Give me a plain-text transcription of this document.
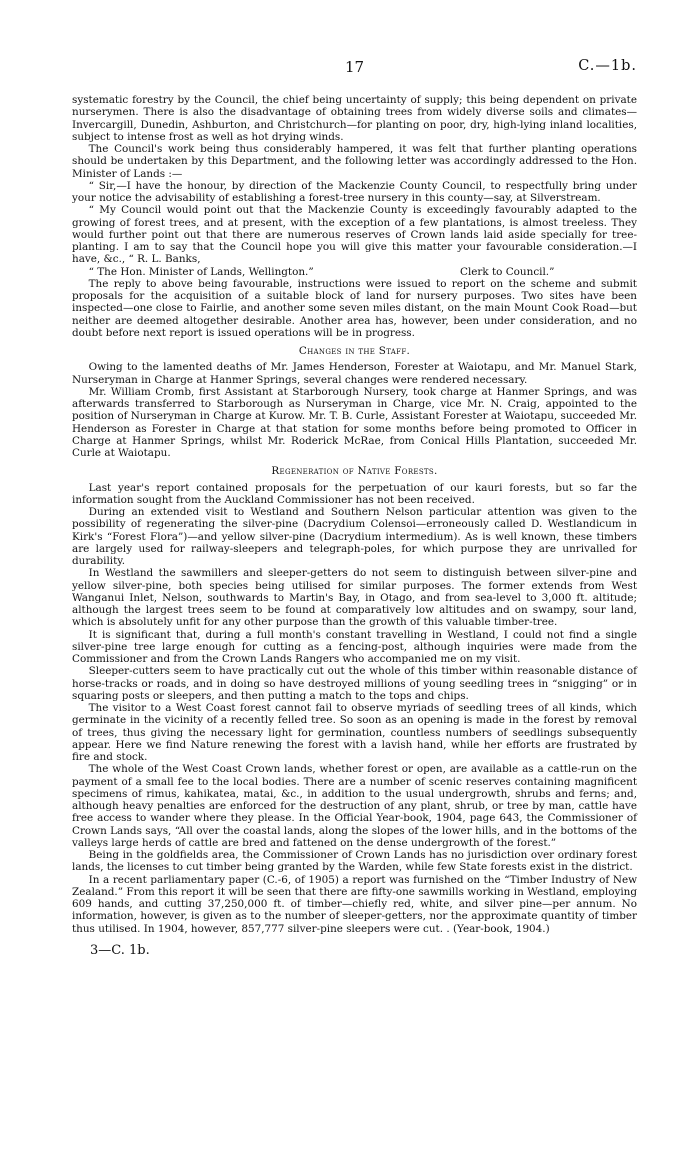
17	C.—1b.

systematic forestry by the Council, the chief being uncertainty of supply; this being dependent on private nurserymen. There is also the disadvantage of obtaining trees from widely diverse soils and climates—Invercargill, Dunedin, Ashburton, and Christchurch—for planting on poor, dry, high-lying inland localities, subject to intense frost as well as hot drying winds.

The Council's work being thus considerably hampered, it was felt that further planting operations should be undertaken by this Department, and the following letter was accordingly addressed to the Hon. Minister of Lands :—

“ Sir,—I have the honour, by direction of the Mackenzie County Council, to respectfully bring under your notice the advisability of establishing a forest-tree nursery in this county—say, at Silverstream.

“ My Council would point out that the Mackenzie County is exceedingly favourably adapted to the growing of forest trees, and at present, with the exception of a few plantations, is almost treeless. They would further point out that there are numerous reserves of Crown lands laid aside specially for tree-planting. I am to say that the Council hope you will give this matter your favourable consideration.—I have, &c., “ R. L. Banks,

“ The Hon. Minister of Lands, Wellington.”	Clerk to Council.”

The reply to above being favourable, instructions were issued to report on the scheme and submit proposals for the acquisition of a suitable block of land for nursery purposes. Two sites have been inspected—one close to Fairlie, and another some seven miles distant, on the main Mount Cook Road—but neither are deemed altogether desirable. Another area has, however, been under consideration, and no doubt before next report is issued operations will be in progress.

Changes in the Staff.

Owing to the lamented deaths of Mr. James Henderson, Forester at Waiotapu, and Mr. Manuel Stark, Nurseryman in Charge at Hanmer Springs, several changes were rendered necessary.

Mr. William Cromb, first Assistant at Starborough Nursery, took charge at Hanmer Springs, and was afterwards transferred to Starborough as Nurseryman in Charge, vice Mr. N. Craig, appointed to the position of Nurseryman in Charge at Kurow. Mr. T. B. Curle, Assistant Forester at Waiotapu, succeeded Mr. Henderson as Forester in Charge at that station for some months before being promoted to Officer in Charge at Hanmer Springs, whilst Mr. Roderick McRae, from Conical Hills Plantation, succeeded Mr. Curle at Waiotapu.

Regeneration of Native Forests.

Last year's report contained proposals for the perpetuation of our kauri forests, but so far the information sought from the Auckland Commissioner has not been received.

During an extended visit to Westland and Southern Nelson particular attention was given to the possibility of regenerating the silver-pine (Dacrydium Colensoi—erroneously called D. Westlandicum in Kirk's “Forest Flora”)—and yellow silver-pine (Dacrydium intermedium). As is well known, these timbers are largely used for railway-sleepers and telegraph-poles, for which purpose they are unrivalled for durability.

In Westland the sawmillers and sleeper-getters do not seem to distinguish between silver-pine and yellow silver-pine, both species being utilised for similar purposes. The former extends from West Wanganui Inlet, Nelson, southwards to Martin's Bay, in Otago, and from sea-level to 3,000 ft. altitude; although the largest trees seem to be found at comparatively low altitudes and on swampy, sour land, which is absolutely unfit for any other purpose than the growth of this valuable timber-tree.

It is significant that, during a full month's constant travelling in Westland, I could not find a single silver-pine tree large enough for cutting as a fencing-post, although inquiries were made from the Commissioner and from the Crown Lands Rangers who accompanied me on my visit.

Sleeper-cutters seem to have practically cut out the whole of this timber within reasonable distance of horse-tracks or roads, and in doing so have destroyed millions of young seedling trees in “snigging” or in squaring posts or sleepers, and then putting a match to the tops and chips.

The visitor to a West Coast forest cannot fail to observe myriads of seedling trees of all kinds, which germinate in the vicinity of a recently felled tree. So soon as an opening is made in the forest by removal of trees, thus giving the necessary light for germination, countless numbers of seedlings subsequently appear. Here we find Nature renewing the forest with a lavish hand, while her efforts are frustrated by fire and stock.

The whole of the West Coast Crown lands, whether forest or open, are available as a cattle-run on the payment of a small fee to the local bodies. There are a number of scenic reserves containing magnificent specimens of rimus, kahikatea, matai, &c., in addition to the usual undergrowth, shrubs and ferns; and, although heavy penalties are enforced for the destruction of any plant, shrub, or tree by man, cattle have free access to wander where they please. In the Official Year-book, 1904, page 643, the Commissioner of Crown Lands says, “All over the coastal lands, along the slopes of the lower hills, and in the bottoms of the valleys large herds of cattle are bred and fattened on the dense undergrowth of the forest.”

Being in the goldfields area, the Commissioner of Crown Lands has no jurisdiction over ordinary forest lands, the licenses to cut timber being granted by the Warden, while few State forests exist in the district.

In a recent parliamentary paper (C.-6, of 1905) a report was furnished on the “Timber Industry of New Zealand.” From this report it will be seen that there are fifty-one sawmills working in Westland, employing 609 hands, and cutting 37,250,000 ft. of timber—chiefly red, white, and silver pine—per annum. No information, however, is given as to the number of sleeper-getters, nor the approximate quantity of timber thus utilised. In 1904, however, 857,777 silver-pine sleepers were cut. . (Year-book, 1904.)

3—C. 1b.
